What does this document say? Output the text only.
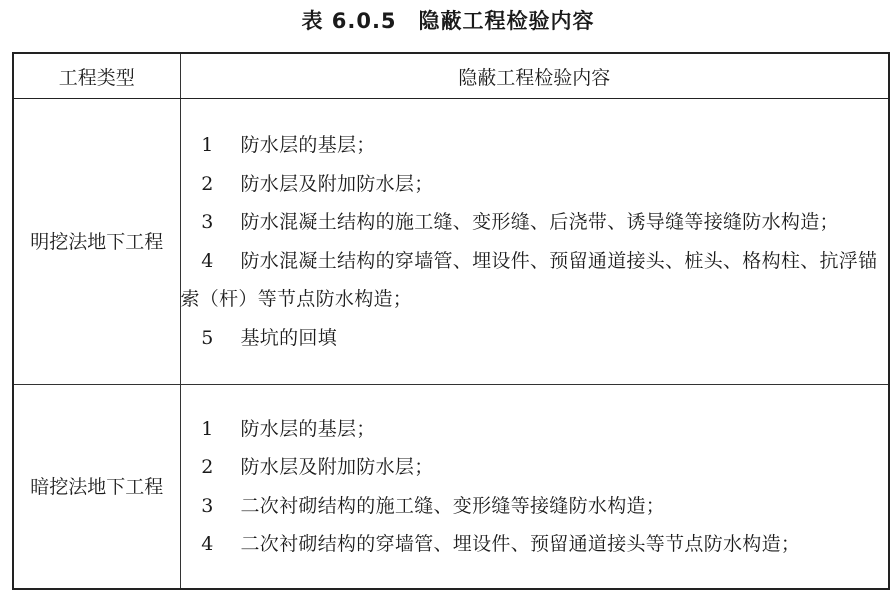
表 6.0.5 隐蔽工程检验内容
工程类型	隐蔽工程检验内容
明挖法地下工程	1 防水层的基层；
2 防水层及附加防水层；
3 防水混凝土结构的施工缝、变形缝、后浇带、诱导缝等接缝防水构造；
4 防水混凝土结构的穿墙管、埋设件、预留通道接头、桩头、格构柱、抗浮锚索（杆）等节点防水构造；
5 基坑的回填

暗挖法地下工程	1 防水层的基层；
2 防水层及附加防水层；
3 二次衬砌结构的施工缝、变形缝等接缝防水构造；
4 二次衬砌结构的穿墙管、埋设件、预留通道接头等节点防水构造；
